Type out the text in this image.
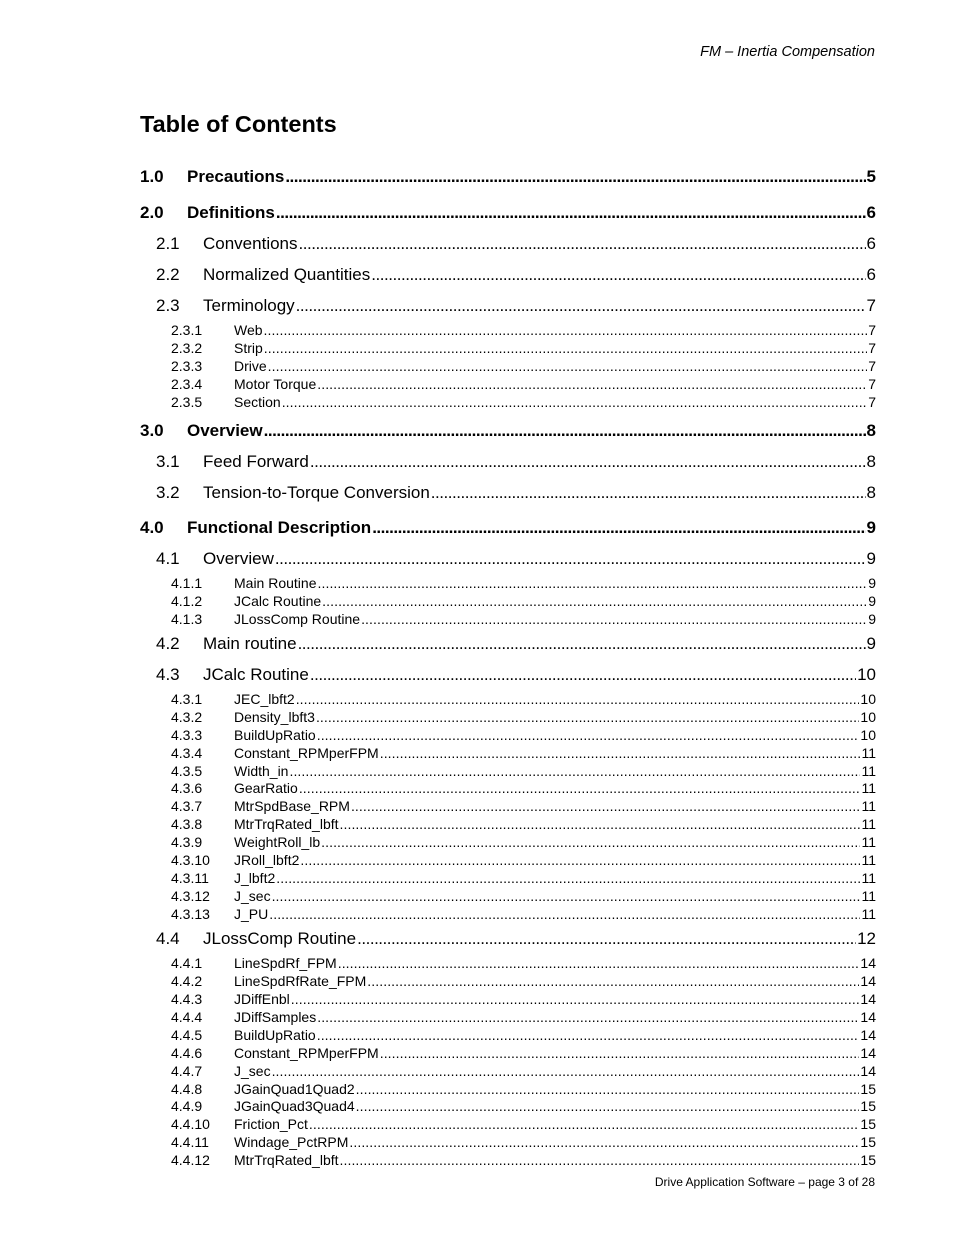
FM – Inertia Compensation
Table of Contents
1.0	Precautions . . .	5
2.0	Definitions . . .	6
2.1	Conventions . . .	6
2.2	Normalized Quantities . . .	6
2.3	Terminology . . .	7
2.3.1	Web . . .	7
2.3.2	Strip . . .	7
2.3.3	Drive . . .	7
2.3.4	Motor Torque . . .	7
2.3.5	Section . . .	7
3.0	Overview . . .	8
3.1	Feed Forward . . .	8
3.2	Tension-to-Torque Conversion . . .	8
4.0	Functional Description . . .	9
4.1	Overview . . .	9
4.1.1	Main Routine . . .	9
4.1.2	JCalc Routine . . .	9
4.1.3	JLossComp Routine . . .	9
4.2	Main routine . . .	9
4.3	JCalc Routine . . .	10
4.3.1	JEC_lbft2 . . .	10
4.3.2	Density_lbft3 . . .	10
4.3.3	BuildUpRatio . . .	10
4.3.4	Constant_RPMperFPM . . .	11
4.3.5	Width_in . . .	11
4.3.6	GearRatio . . .	11
4.3.7	MtrSpdBase_RPM . . .	11
4.3.8	MtrTrqRated_lbft . . .	11
4.3.9	WeightRoll_lb . . .	11
4.3.10	JRoll_lbft2 . . .	11
4.3.11	J_lbft2 . . .	11
4.3.12	J_sec . . .	11
4.3.13	J_PU . . .	11
4.4	JLossComp Routine . . .	12
4.4.1	LineSpdRf_FPM . . .	14
4.4.2	LineSpdRfRate_FPM . . .	14
4.4.3	JDiffEnbl . . .	14
4.4.4	JDiffSamples . . .	14
4.4.5	BuildUpRatio . . .	14
4.4.6	Constant_RPMperFPM . . .	14
4.4.7	J_sec . . .	14
4.4.8	JGainQuad1Quad2 . . .	15
4.4.9	JGainQuad3Quad4 . . .	15
4.4.10	Friction_Pct . . .	15
4.4.11	Windage_PctRPM . . .	15
4.4.12	MtrTrqRated_lbft . . .	15
Drive Application Software – page 3 of 28
